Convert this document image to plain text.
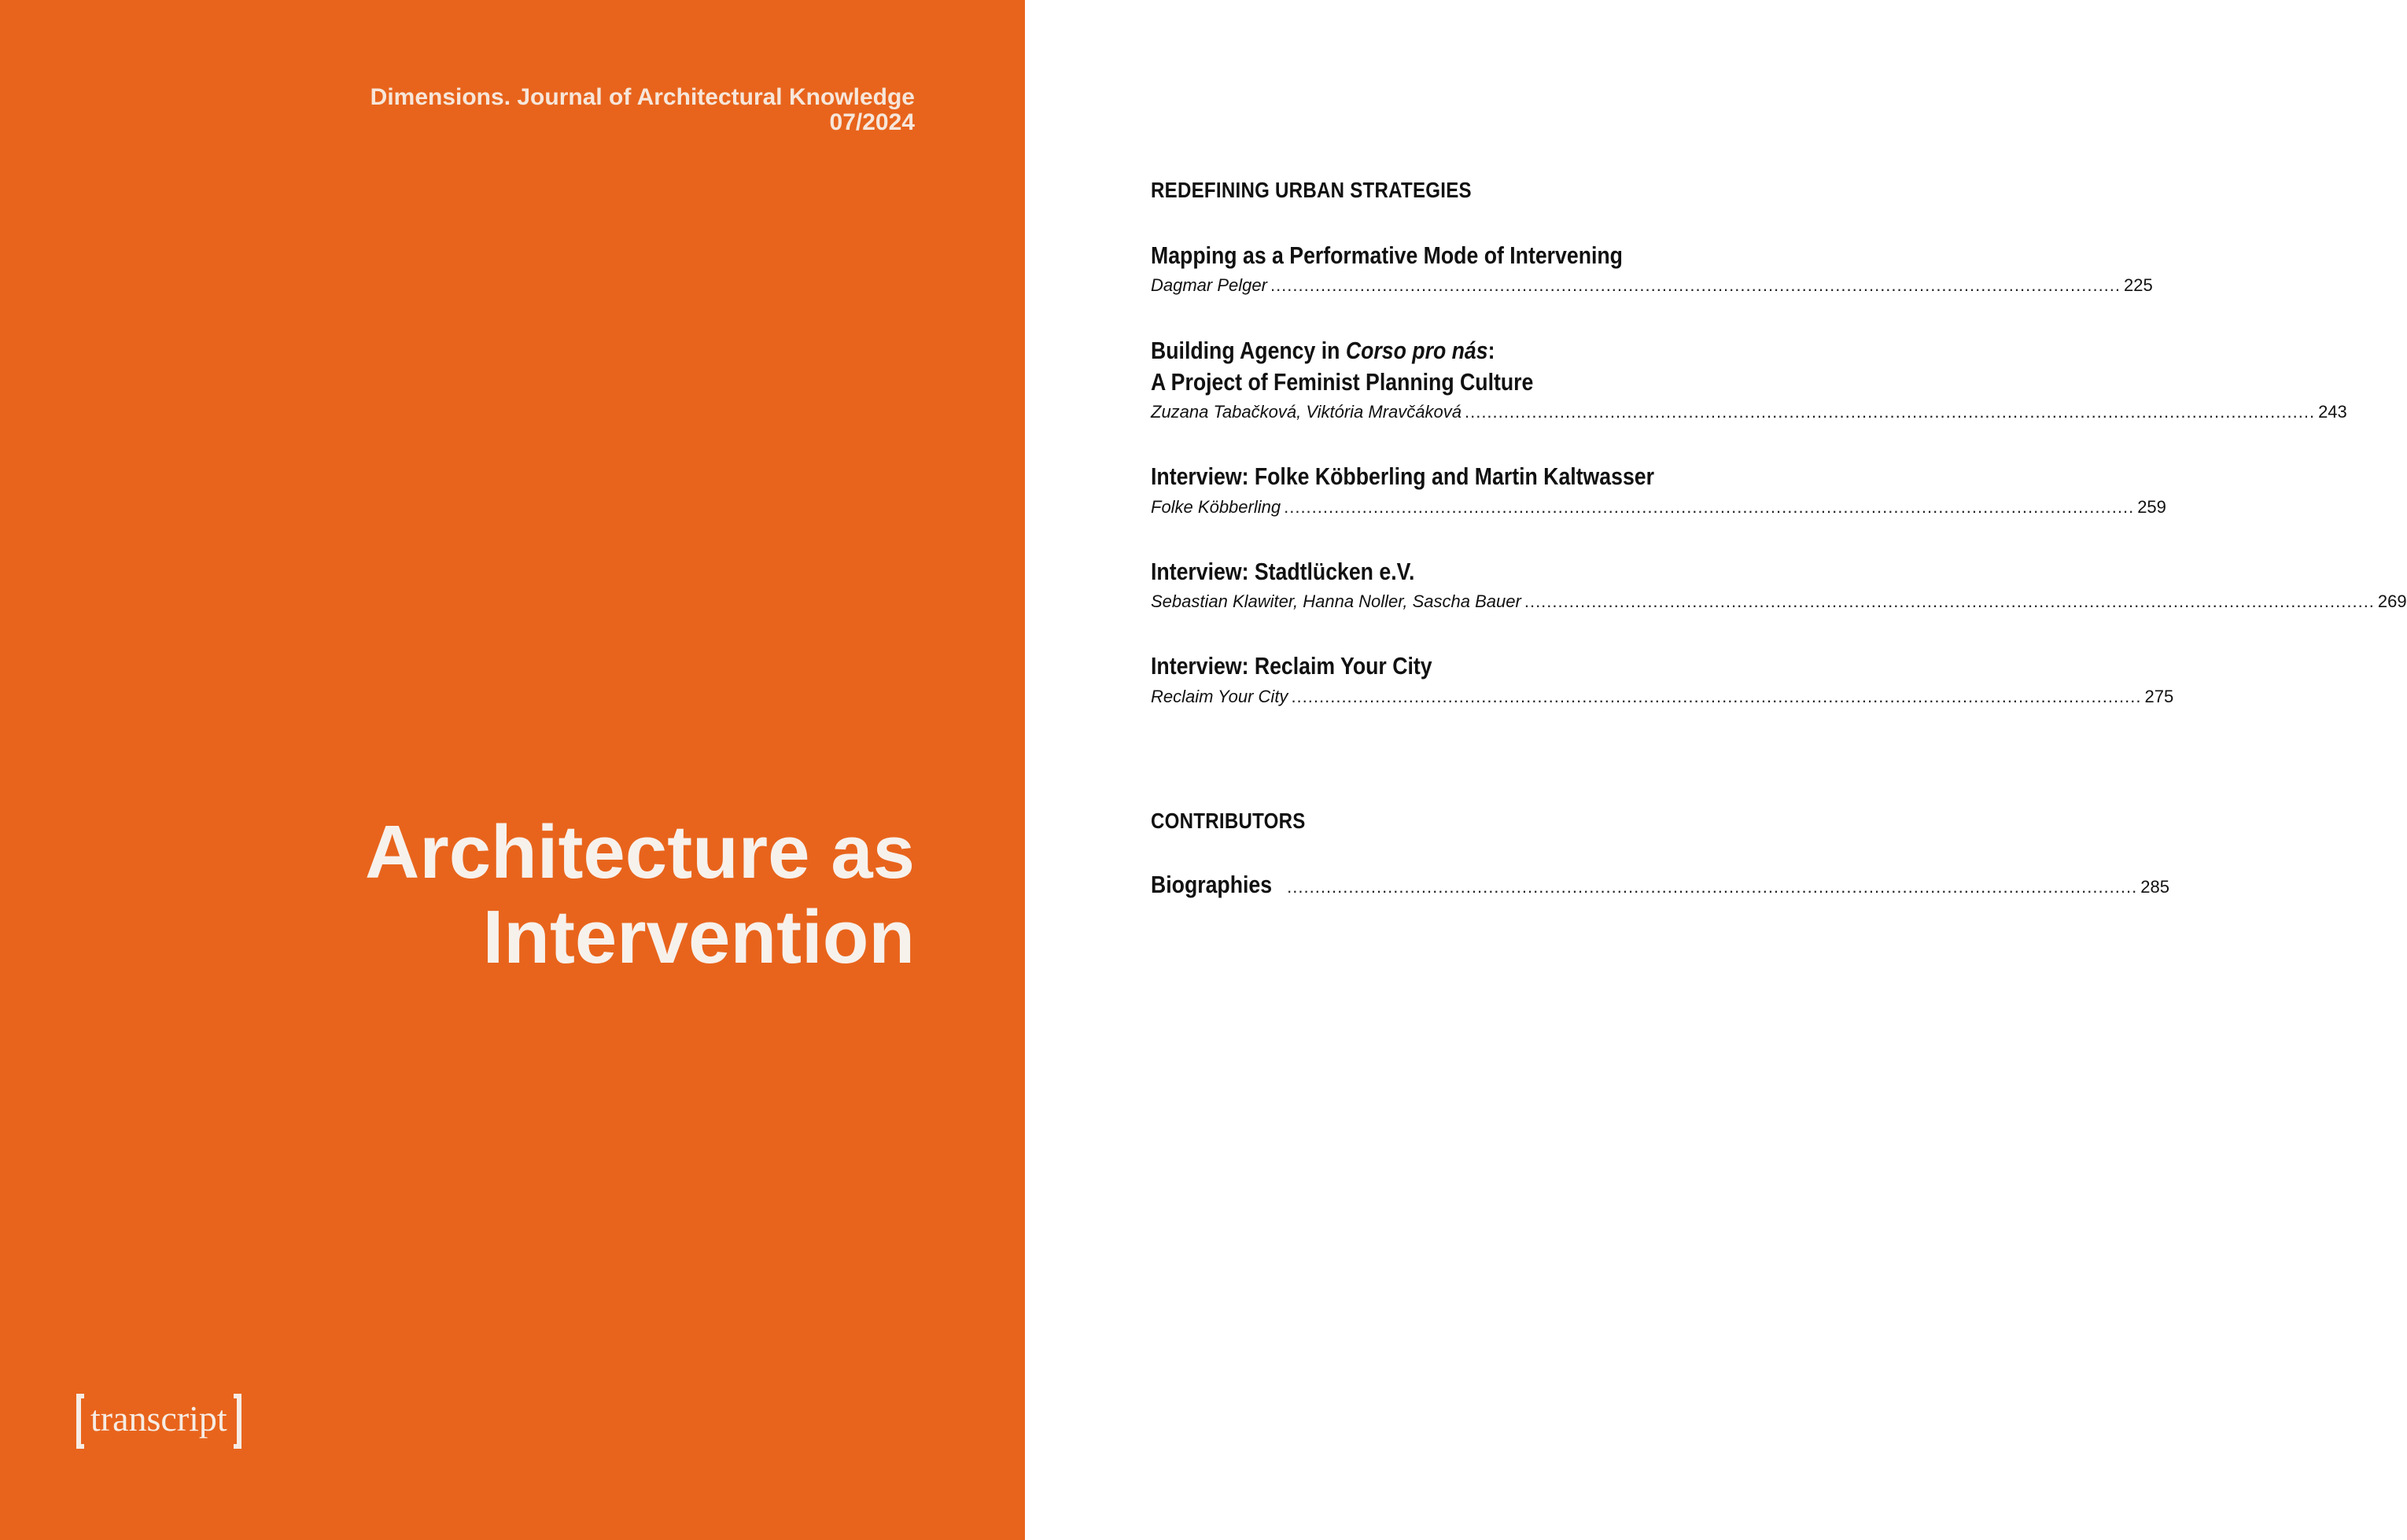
Dimensions. Journal of Architectural Knowledge
07/2024
Architecture as
Intervention
transcript
REDEFINING URBAN STRATEGIES
Mapping as a Performative Mode of Intervening
Dagmar Pelger ........................................................................................................................................................ 225
Building Agency in Corso pro nás:
A Project of Feminist Planning Culture
Zuzana Tabačková, Viktória Mravčáková ........................................................................................................................................................ 243
Interview: Folke Köbberling and Martin Kaltwasser
Folke Köbberling ........................................................................................................................................................ 259
Interview: Stadtlücken e.V.
Sebastian Klawiter, Hanna Noller, Sascha Bauer ........................................................................................................................................................ 269
Interview: Reclaim Your City
Reclaim Your City ........................................................................................................................................................ 275
CONTRIBUTORS
Biographies ........................................................................................................................................................ 285
